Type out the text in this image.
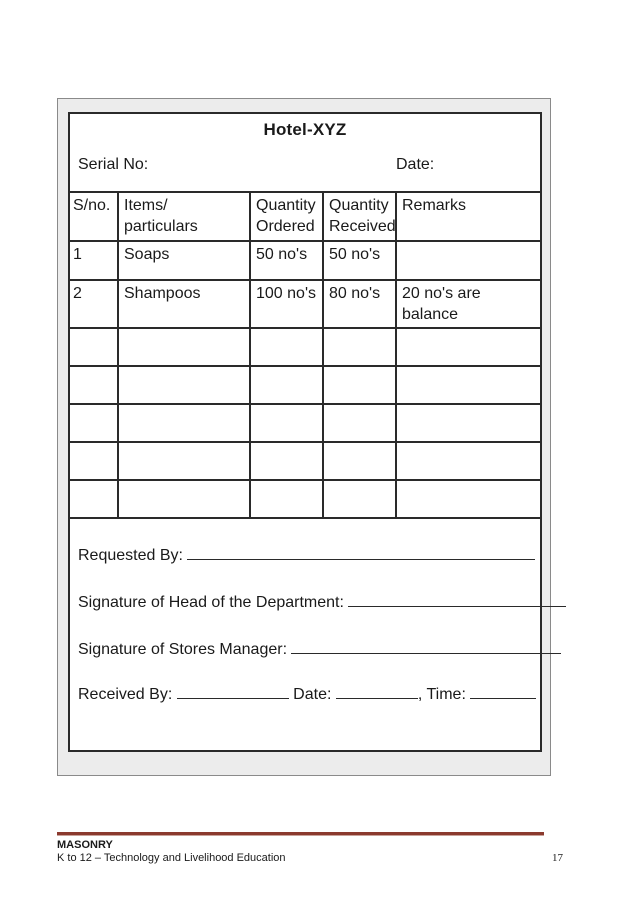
Hotel-XYZ
Serial No:	Date:
S/no.	Items/ particulars	Quantity Ordered	Quantity Received	Remarks
1	Soaps	50 no's	50 no's	
2	Shampoos	100 no's	80 no's	20 no's are balance

Requested By:
Signature of Head of the Department:
Signature of Stores Manager:
Received By:	Date:	, Time:
MASONRY
K to 12 – Technology and Livelihood Education	17
